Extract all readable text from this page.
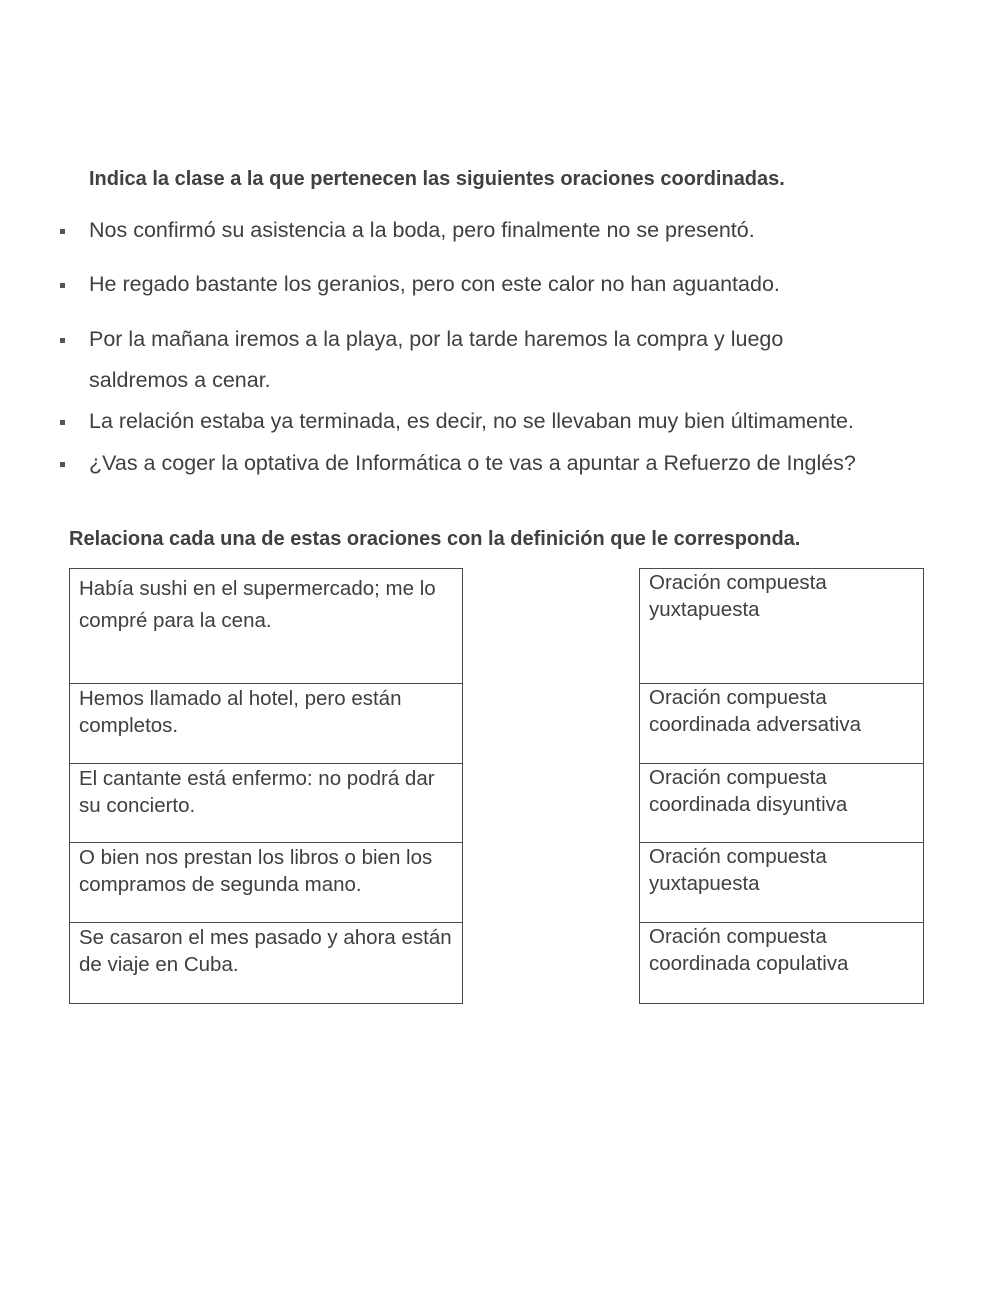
Indica la clase a la que pertenecen las siguientes oraciones coordinadas.
Nos confirmó su asistencia a la boda, pero finalmente no se presentó.
He regado bastante los geranios, pero con este calor no han aguantado.
Por la mañana iremos a la playa, por la tarde haremos la compra y luego saldremos a cenar.
La relación estaba ya terminada, es decir, no se llevaban muy bien últimamente.
¿Vas a coger la optativa de Informática o te vas a apuntar a Refuerzo de Inglés?
Relaciona cada una de estas oraciones con la definición que le corresponda.
Había sushi en el supermercado; me lo compré para la cena.
Hemos llamado al hotel, pero están completos.
El cantante está enfermo: no podrá dar su concierto.
O bien nos prestan los libros o bien los compramos de segunda mano.
Se casaron el mes pasado y ahora están de viaje en Cuba.
Oración compuesta yuxtapuesta
Oración compuesta coordinada adversativa
Oración compuesta coordinada disyuntiva
Oración compuesta yuxtapuesta
Oración compuesta coordinada copulativa
